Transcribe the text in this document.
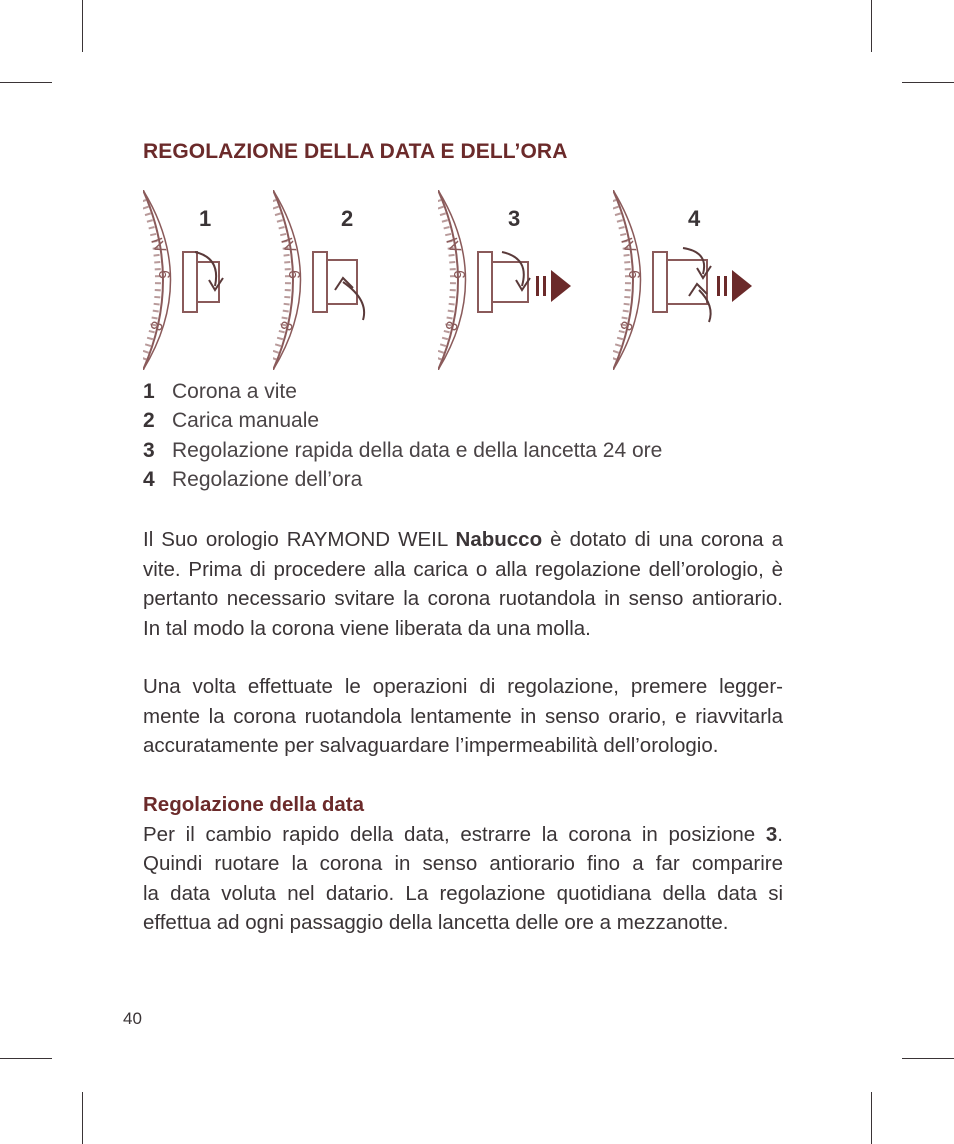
REGOLAZIONE DELLA DATA E DELL’ORA
IV
6
8
1
IV
6
8
2
IV
6
8
3
IV
6
8
4
1 Corona a vite
2 Carica manuale
3 Regolazione rapida della data e della lancetta 24 ore
4 Regolazione dell’ora
Il Suo orologio RAYMOND WEIL Nabucco è dotato di una corona a
vite. Prima di procedere alla carica o alla regolazione dell’orologio, è
pertanto necessario svitare la corona ruotandola in senso antiorario.
In tal modo la corona viene liberata da una molla.
Una volta effettuate le operazioni di regolazione, premere legger-
mente la corona ruotandola lentamente in senso orario, e riavvitarla
accuratamente per salvaguardare l’impermeabilità dell’orologio.
Regolazione della data
Per il cambio rapido della data, estrarre la corona in posizione 3.
Quindi ruotare la corona in senso antiorario fino a far comparire
la data voluta nel datario. La regolazione quotidiana della data si
effettua ad ogni passaggio della lancetta delle ore a mezzanotte.
40
